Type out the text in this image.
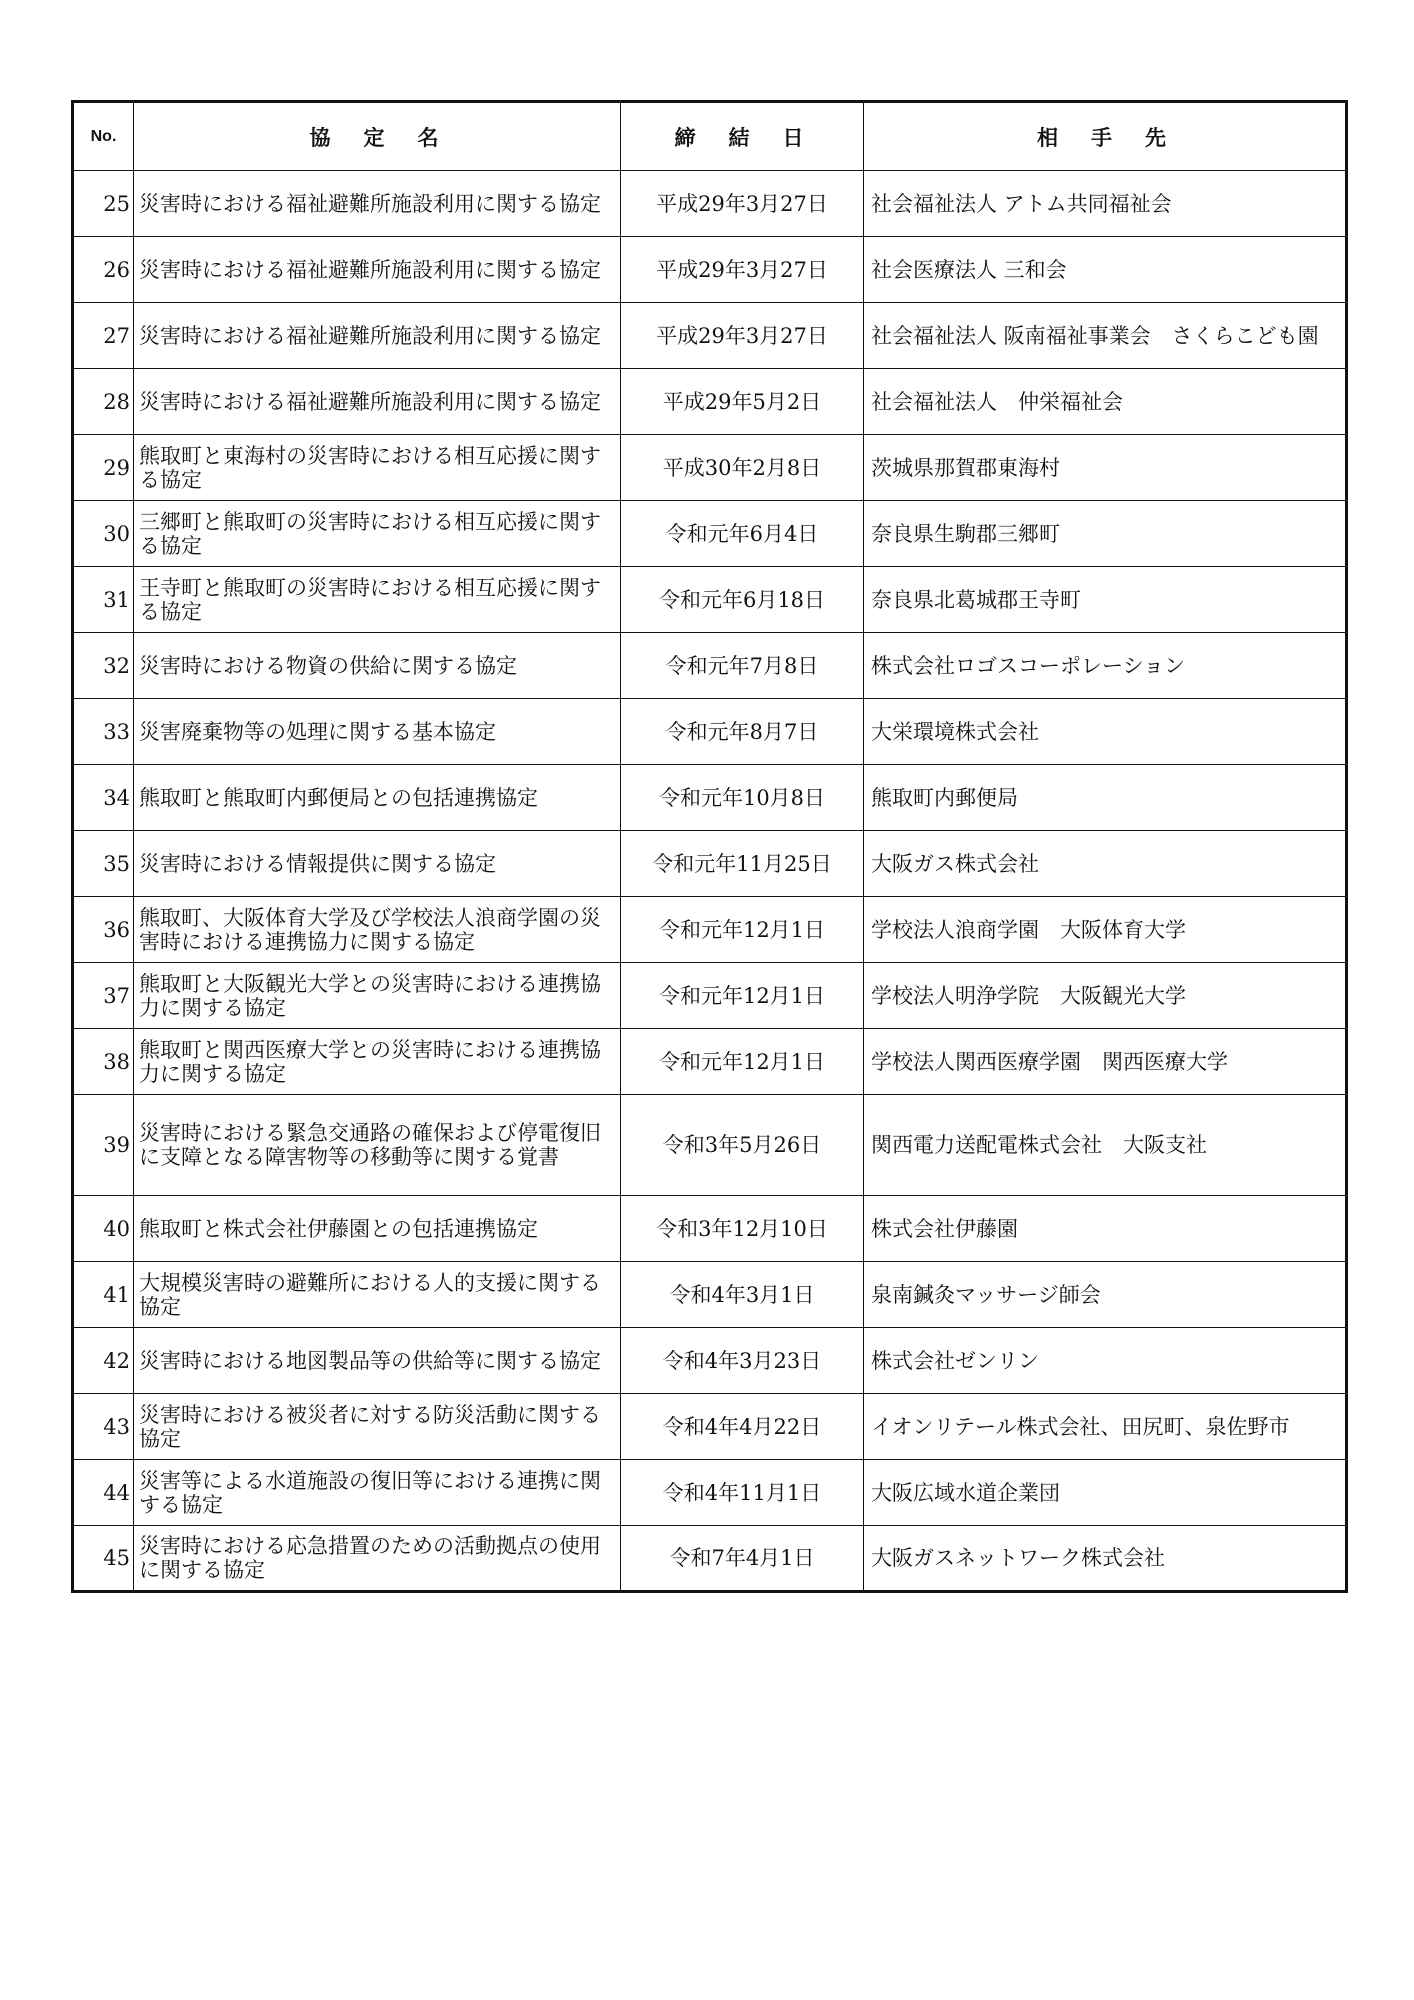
No.	協　定　名	締　結　日	相　手　先
25	災害時における福祉避難所施設利用に関する協定	平成29年3月27日	社会福祉法人 アトム共同福祉会
26	災害時における福祉避難所施設利用に関する協定	平成29年3月27日	社会医療法人 三和会
27	災害時における福祉避難所施設利用に関する協定	平成29年3月27日	社会福祉法人 阪南福祉事業会　さくらこども園
28	災害時における福祉避難所施設利用に関する協定	平成29年5月2日	社会福祉法人　仲栄福祉会
29	熊取町と東海村の災害時における相互応援に関する協定	平成30年2月8日	茨城県那賀郡東海村
30	三郷町と熊取町の災害時における相互応援に関する協定	令和元年6月4日	奈良県生駒郡三郷町
31	王寺町と熊取町の災害時における相互応援に関する協定	令和元年6月18日	奈良県北葛城郡王寺町
32	災害時における物資の供給に関する協定	令和元年7月8日	株式会社ロゴスコーポレーション
33	災害廃棄物等の処理に関する基本協定	令和元年8月7日	大栄環境株式会社
34	熊取町と熊取町内郵便局との包括連携協定	令和元年10月8日	熊取町内郵便局
35	災害時における情報提供に関する協定	令和元年11月25日	大阪ガス株式会社
36	熊取町、大阪体育大学及び学校法人浪商学園の災害時における連携協力に関する協定	令和元年12月1日	学校法人浪商学園　大阪体育大学
37	熊取町と大阪観光大学との災害時における連携協力に関する協定	令和元年12月1日	学校法人明浄学院　大阪観光大学
38	熊取町と関西医療大学との災害時における連携協力に関する協定	令和元年12月1日	学校法人関西医療学園　関西医療大学
39	災害時における緊急交通路の確保および停電復旧に支障となる障害物等の移動等に関する覚書	令和3年5月26日	関西電力送配電株式会社　大阪支社
40	熊取町と株式会社伊藤園との包括連携協定	令和3年12月10日	株式会社伊藤園
41	大規模災害時の避難所における人的支援に関する協定	令和4年3月1日	泉南鍼灸マッサージ師会
42	災害時における地図製品等の供給等に関する協定	令和4年3月23日	株式会社ゼンリン
43	災害時における被災者に対する防災活動に関する協定	令和4年4月22日	イオンリテール株式会社、田尻町、泉佐野市
44	災害等による水道施設の復旧等における連携に関する協定	令和4年11月1日	大阪広域水道企業団
45	災害時における応急措置のための活動拠点の使用に関する協定	令和7年4月1日	大阪ガスネットワーク株式会社
